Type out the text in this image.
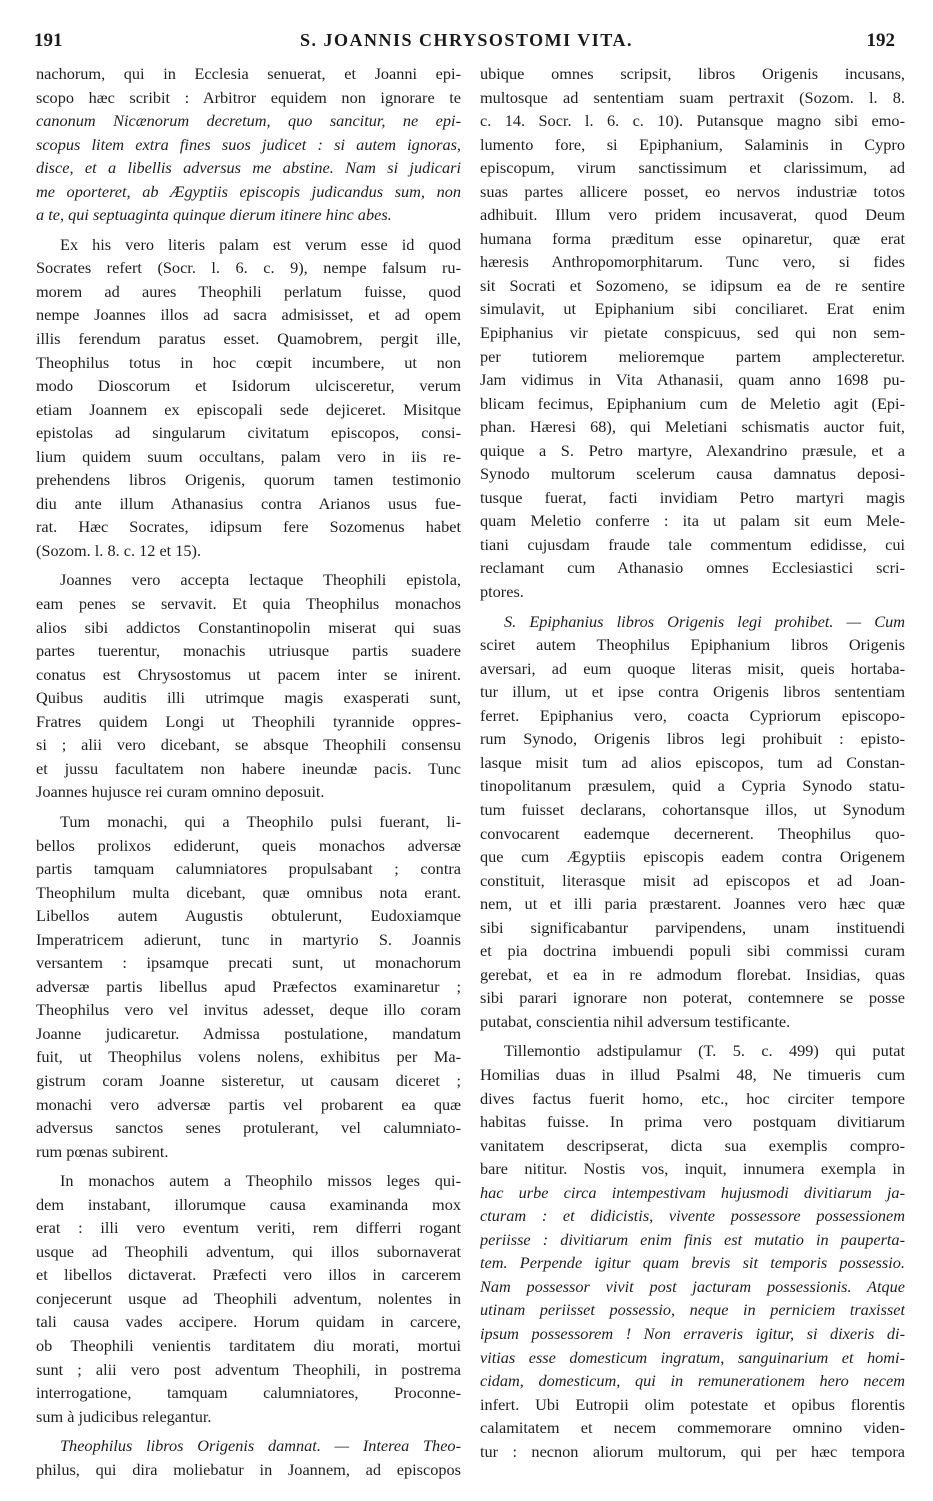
191	S. JOANNIS CHRYSOSTOMI VITA.	192
nachorum, qui in Ecclesia senuerat, et Joanni epi-
scopo hæc scribit : Arbitror equidem non ignorare te
canonum Nicænorum decretum, quo sancitur, ne epi-
scopus litem extra fines suos judicet : si autem ignoras,
disce, et a libellis adversus me abstine. Nam si judicari
me oporteret, ab Ægyptiis episcopis judicandus sum, non
a te, qui septuaginta quinque dierum itinere hinc abes.
Ex his vero literis palam est verum esse id quod
Socrates refert (Socr. l. 6. c. 9), nempe falsum ru-
morem ad aures Theophili perlatum fuisse, quod
nempe Joannes illos ad sacra admisisset, et ad opem
illis ferendum paratus esset. Quamobrem, pergit ille,
Theophilus totus in hoc cœpit incumbere, ut non
modo Dioscorum et Isidorum ulcisceretur, verum
etiam Joannem ex episcopali sede dejiceret. Misitque
epistolas ad singularum civitatum episcopos, consi-
lium quidem suum occultans, palam vero in iis re-
prehendens libros Origenis, quorum tamen testimonio
diu ante illum Athanasius contra Arianos usus fue-
rat. Hæc Socrates, idipsum fere Sozomenus habet
(Sozom. l. 8. c. 12 et 15).
Joannes vero accepta lectaque Theophili epistola,
eam penes se servavit. Et quia Theophilus monachos
alios sibi addictos Constantinopolin miserat qui suas
partes tuerentur, monachis utriusque partis suadere
conatus est Chrysostomus ut pacem inter se inirent.
Quibus auditis illi utrimque magis exasperati sunt,
Fratres quidem Longi ut Theophili tyrannide oppres-
si ; alii vero dicebant, se absque Theophili consensu
et jussu facultatem non habere ineundæ pacis. Tunc
Joannes hujusce rei curam omnino deposuit.
Tum monachi, qui a Theophilo pulsi fuerant, li-
bellos prolixos ediderunt, queis monachos adversæ
partis tamquam calumniatores propulsabant ; contra
Theophilum multa dicebant, quæ omnibus nota erant.
Libellos autem Augustis obtulerunt, Eudoxiamque
Imperatricem adierunt, tunc in martyrio S. Joannis
versantem : ipsamque precati sunt, ut monachorum
adversæ partis libellus apud Præfectos examinaretur ;
Theophilus vero vel invitus adesset, deque illo coram
Joanne judicaretur. Admissa postulatione, mandatum
fuit, ut Theophilus volens nolens, exhibitus per Ma-
gistrum coram Joanne sisteretur, ut causam diceret ;
monachi vero adversæ partis vel probarent ea quæ
adversus sanctos senes protulerant, vel calumniato-
rum pœnas subirent.
In monachos autem a Theophilo missos leges qui-
dem instabant, illorumque causa examinanda mox
erat : illi vero eventum veriti, rem differri rogant
usque ad Theophili adventum, qui illos subornaverat
et libellos dictaverat. Præfecti vero illos in carcerem
conjecerunt usque ad Theophili adventum, nolentes in
tali causa vades accipere. Horum quidam in carcere,
ob Theophili venientis tarditatem diu morati, mortui
sunt ; alii vero post adventum Theophili, in postrema
interrogatione, tamquam calumniatores, Proconne-
sum à judicibus relegantur.
Theophilus libros Origenis damnat. — Interea Theo-
philus, qui dira moliebatur in Joannem, ad episcopos
ubique omnes scripsit, libros Origenis incusans,
multosque ad sententiam suam pertraxit (Sozom. l. 8.
c. 14. Socr. l. 6. c. 10). Putansque magno sibi emo-
lumento fore, si Epiphanium, Salaminis in Cypro
episcopum, virum sanctissimum et clarissimum, ad
suas partes allicere posset, eo nervos industriæ totos
adhibuit. Illum vero pridem incusaverat, quod Deum
humana forma præditum esse opinaretur, quæ erat
hæresis Anthropomorphitarum. Tunc vero, si fides
sit Socrati et Sozomeno, se idipsum ea de re sentire
simulavit, ut Epiphanium sibi conciliaret. Erat enim
Epiphanius vir pietate conspicuus, sed qui non sem-
per tutiorem melioremque partem amplecteretur.
Jam vidimus in Vita Athanasii, quam anno 1698 pu-
blicam fecimus, Epiphanium cum de Meletio agit (Epi-
phan. Hæresi 68), qui Meletiani schismatis auctor fuit,
quique a S. Petro martyre, Alexandrino præsule, et a
Synodo multorum scelerum causa damnatus deposi-
tusque fuerat, facti invidiam Petro martyri magis
quam Meletio conferre : ita ut palam sit eum Mele-
tiani cujusdam fraude tale commentum edidisse, cui
reclamant cum Athanasio omnes Ecclesiastici scri-
ptores.
S. Epiphanius libros Origenis legi prohibet. — Cum
sciret autem Theophilus Epiphanium libros Origenis
aversari, ad eum quoque literas misit, queis hortaba-
tur illum, ut et ipse contra Origenis libros sententiam
ferret. Epiphanius vero, coacta Cypriorum episcopo-
rum Synodo, Origenis libros legi prohibuit : episto-
lasque misit tum ad alios episcopos, tum ad Constan-
tinopolitanum præsulem, quid a Cypria Synodo statu-
tum fuisset declarans, cohortansque illos, ut Synodum
convocarent eademque decernerent. Theophilus quo-
que cum Ægyptiis episcopis eadem contra Origenem
constituit, literasque misit ad episcopos et ad Joan-
nem, ut et illi paria præstarent. Joannes vero hæc quæ
sibi significabantur parvipendens, unam instituendi
et pia doctrina imbuendi populi sibi commissi curam
gerebat, et ea in re admodum florebat. Insidias, quas
sibi parari ignorare non poterat, contemnere se posse
putabat, conscientia nihil adversum testificante.
Tillemontio adstipulamur (T. 5. c. 499) qui putat
Homilias duas in illud Psalmi 48, Ne timueris cum
dives factus fuerit homo, etc., hoc circiter tempore
habitas fuisse. In prima vero postquam divitiarum
vanitatem descripserat, dicta sua exemplis compro-
bare nititur. Nostis vos, inquit, innumera exempla in
hac urbe circa intempestivam hujusmodi divitiarum ja-
cturam : et didicistis, vivente possessore possessionem
periisse : divitiarum enim finis est mutatio in pauperta-
tem. Perpende igitur quam brevis sit temporis possessio.
Nam possessor vivit post jacturam possessionis. Atque
utinam periisset possessio, neque in perniciem traxisset
ipsum possessorem ! Non erraveris igitur, si dixeris di-
vitias esse domesticum ingratum, sanguinarium et homi-
cidam, domesticum, qui in remunerationem hero necem
infert. Ubi Eutropii olim potestate et opibus florentis
calamitatem et necem commemorare omnino viden-
tur : necnon aliorum multorum, qui per hæc tempora
